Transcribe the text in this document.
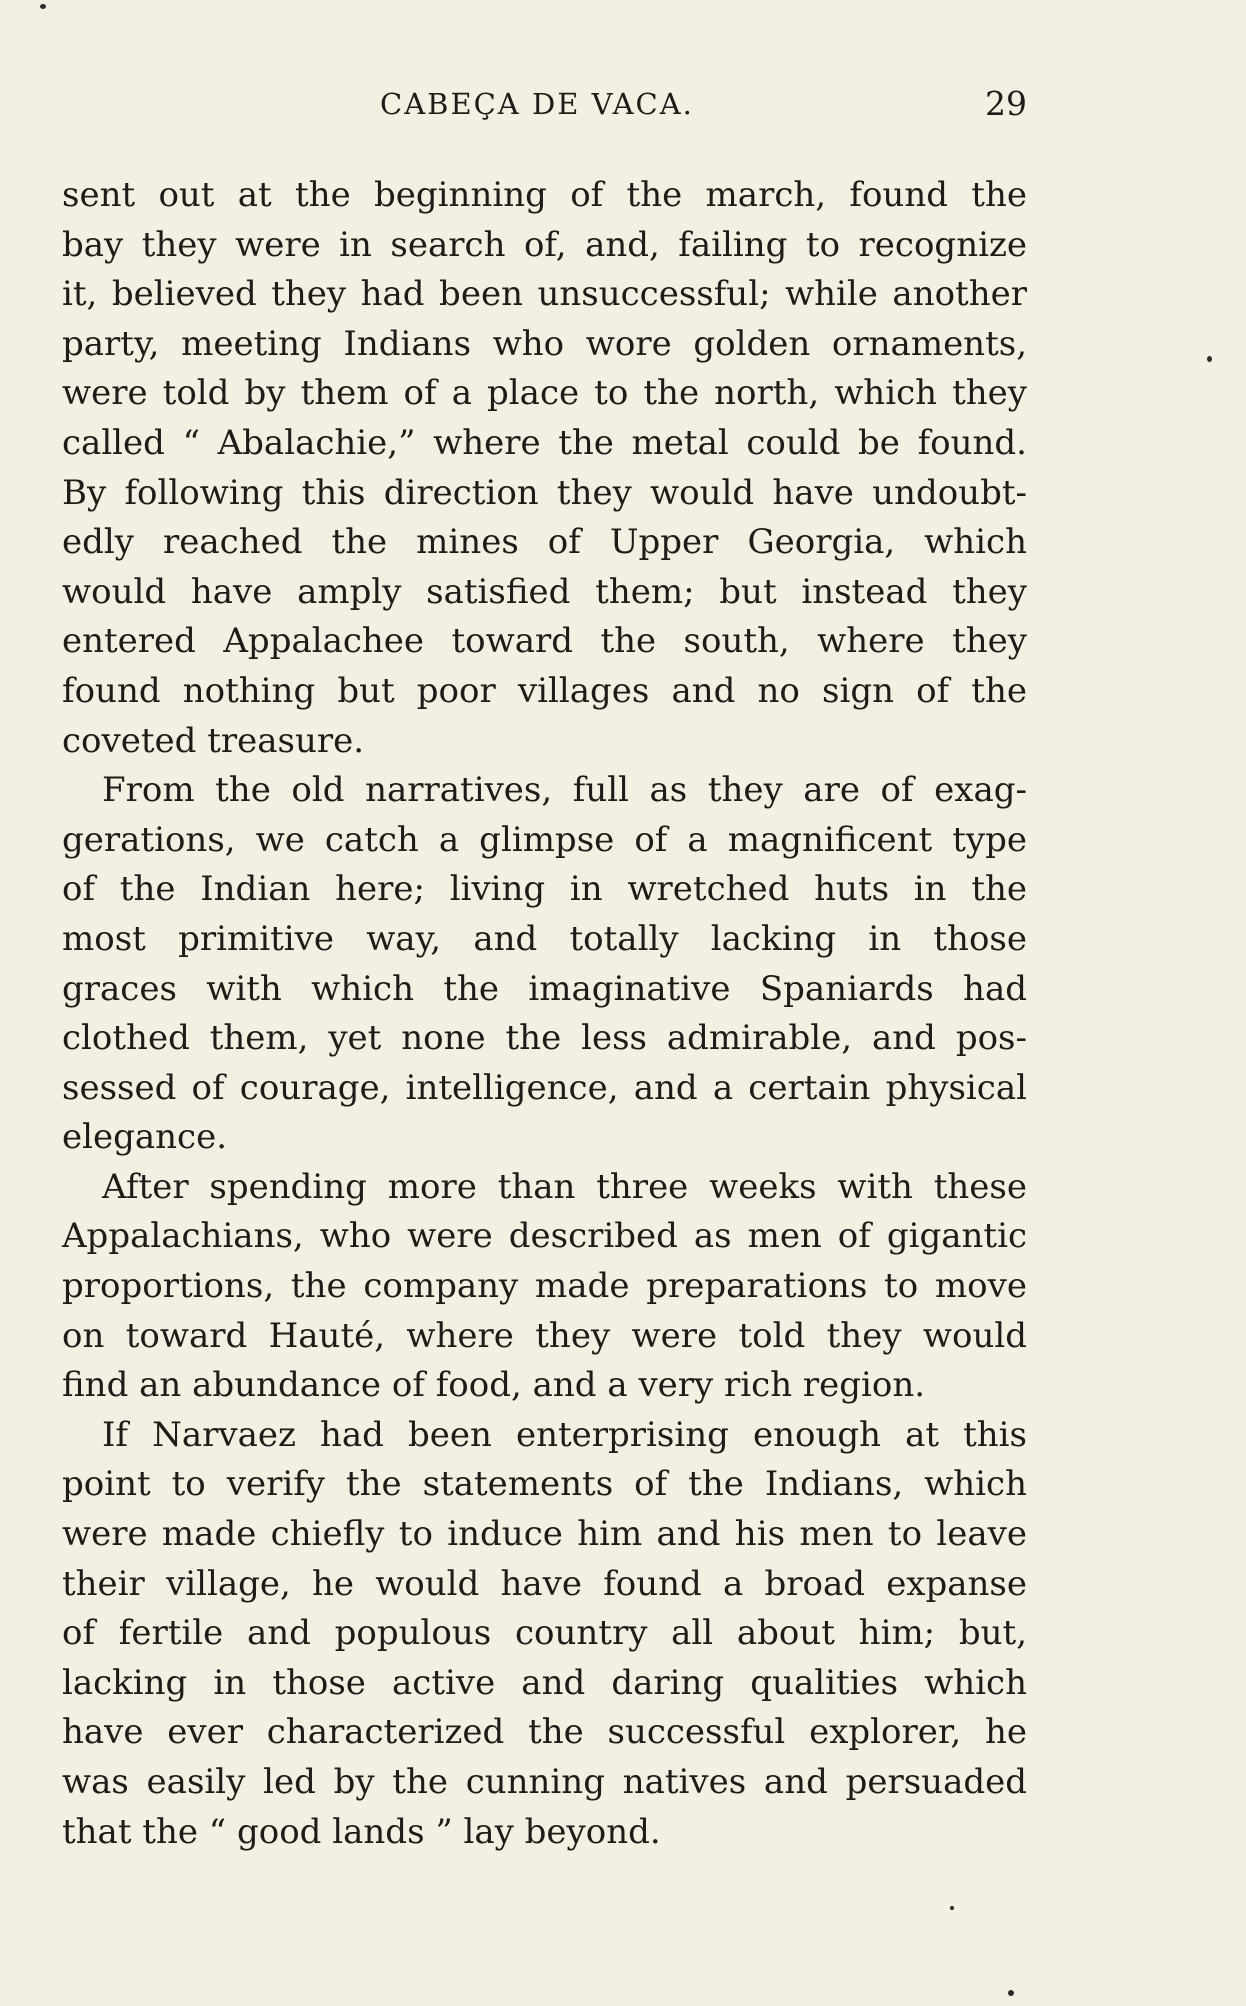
CABEÇA DE VACA.	29
sent out at the beginning of the march, found the
bay they were in search of, and, failing to recognize
it, believed they had been unsuccessful; while another
party, meeting Indians who wore golden ornaments,
were told by them of a place to the north, which they
called “ Abalachie,” where the metal could be found.
By following this direction they would have undoubt-
edly reached the mines of Upper Georgia, which
would have amply satisfied them; but instead they
entered Appalachee toward the south, where they
found nothing but poor villages and no sign of the
coveted treasure.
From the old narratives, full as they are of exag-
gerations, we catch a glimpse of a magnificent type
of the Indian here; living in wretched huts in the
most primitive way, and totally lacking in those
graces with which the imaginative Spaniards had
clothed them, yet none the less admirable, and pos-
sessed of courage, intelligence, and a certain physical
elegance.
After spending more than three weeks with these
Appalachians, who were described as men of gigantic
proportions, the company made preparations to move
on toward Hauté, where they were told they would
find an abundance of food, and a very rich region.
If Narvaez had been enterprising enough at this
point to verify the statements of the Indians, which
were made chiefly to induce him and his men to leave
their village, he would have found a broad expanse
of fertile and populous country all about him; but,
lacking in those active and daring qualities which
have ever characterized the successful explorer, he
was easily led by the cunning natives and persuaded
that the “ good lands ” lay beyond.
